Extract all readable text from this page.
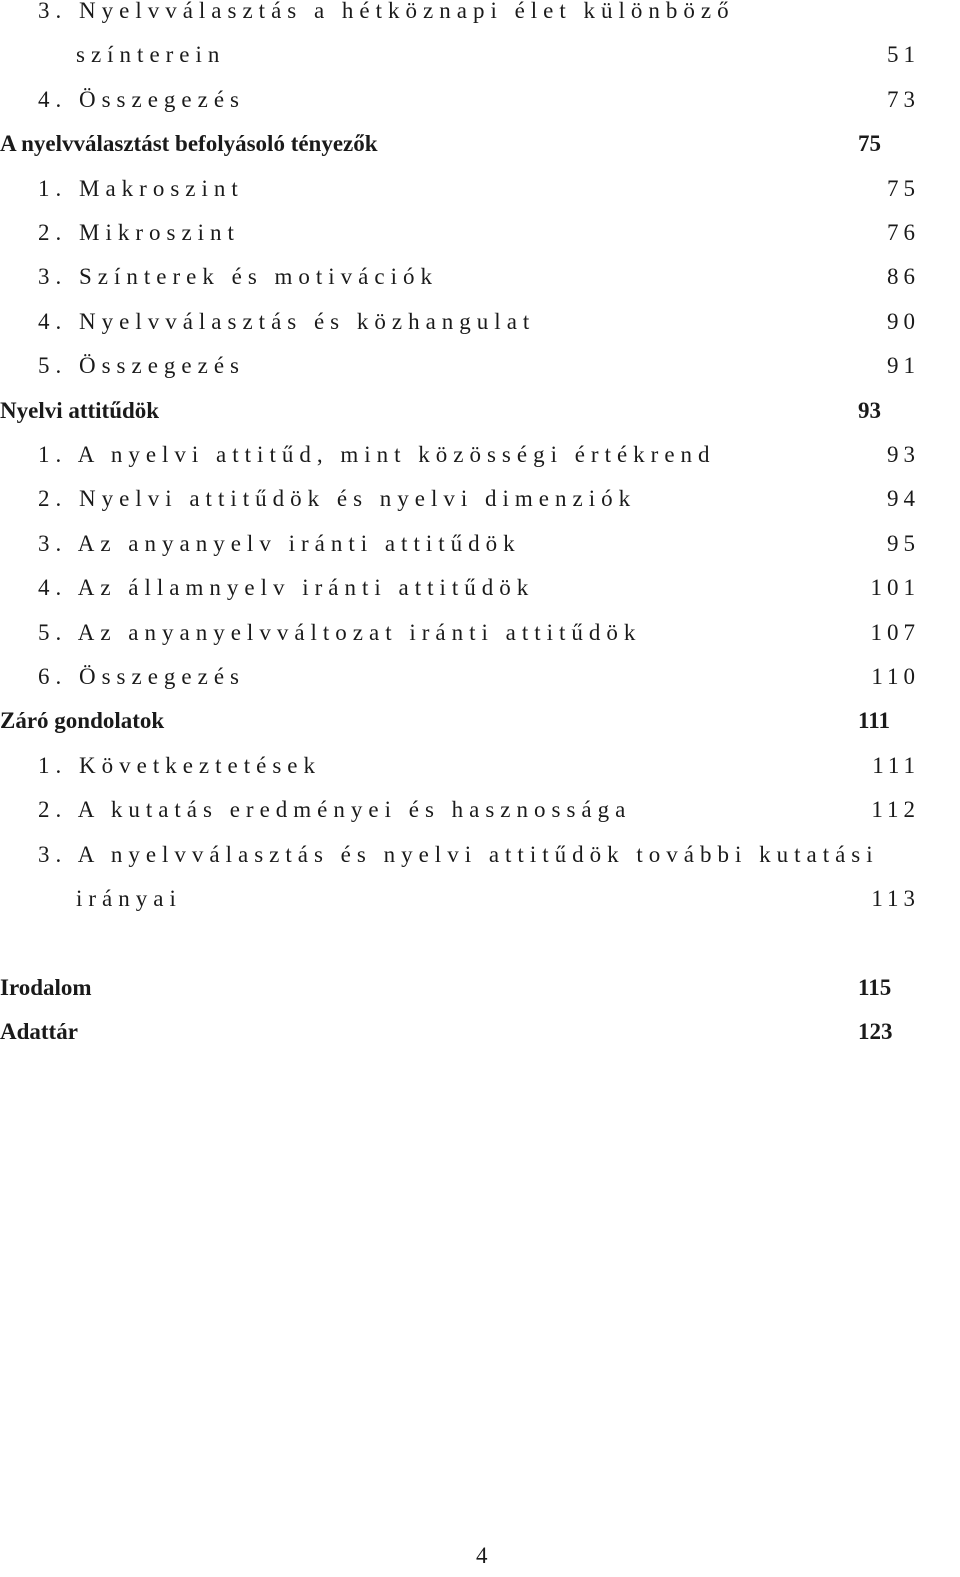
3. Nyelvválasztás a hétköznapi élet különböző
színterein	51
4. Összegezés	73
A nyelvválasztást befolyásoló tényezők	75
1. Makroszint	75
2. Mikroszint	76
3. Színterek és motivációk	86
4. Nyelvválasztás és közhangulat	90
5. Összegezés	91
Nyelvi attitűdök	93
1. A nyelvi attitűd, mint közösségi értékrend	93
2. Nyelvi attitűdök és nyelvi dimenziók	94
3. Az anyanyelv iránti attitűdök	95
4. Az államnyelv iránti attitűdök	101
5. Az anyanyelvváltozat iránti attitűdök	107
6. Összegezés	110
Záró gondolatok	111
1. Következtetések	111
2. A kutatás eredményei és hasznossága	112
3. A nyelvválasztás és nyelvi attitűdök további kutatási
irányai	113
Irodalom	115
Adattár	123
4
